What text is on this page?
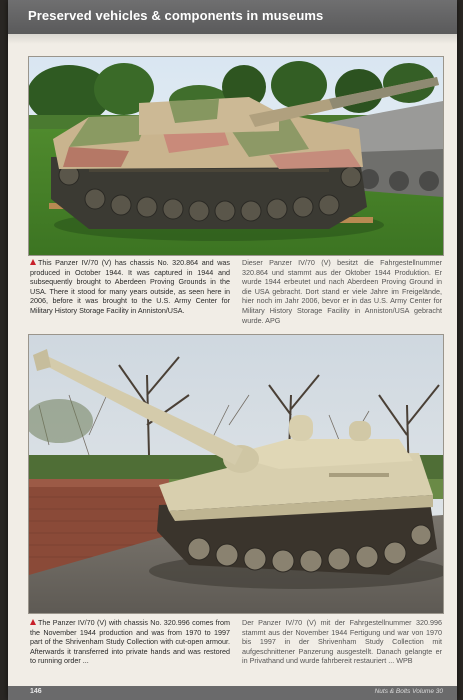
Preserved vehicles & components in museums
This Panzer IV/70 (V) has chassis No. 320.864 and was produced in October 1944. It was captured in 1944 and subsequently brought to Aberdeen Proving Grounds in the USA. There it stood for many years outside, as seen here in 2006, before it was brought to the U.S. Army Center for Military History Storage Facility in Anniston/USA.
Dieser Panzer IV/70 (V) besitzt die Fahrgestellnummer 320.864 und stammt aus der Oktober 1944 Produktion. Er wurde 1944 erbeutet und nach Aberdeen Proving Ground in die USA gebracht. Dort stand er viele Jahre im Freigelände, hier noch im Jahr 2006, bevor er in das U.S. Army Center for Military History Storage Facility in Anniston/USA gebracht wurde. APG
The Panzer IV/70 (V) with chassis No. 320.996 comes from the November 1944 production and was from 1970 to 1997 part of the Shrivenham Study Collection with cut-open armour. Afterwards it transferred into private hands and was restored to running order ...
Der Panzer IV/70 (V) mit der Fahrgestellnummer 320.996 stammt aus der November 1944 Fertigung und war von 1970 bis 1997 in der Shrivenham Study Collection mit aufgeschnittener Panzerung ausgestellt. Danach gelangte er in Privathand und wurde fahrbereit restauriert ... WPB
146	Nuts & Bolts Volume 30
